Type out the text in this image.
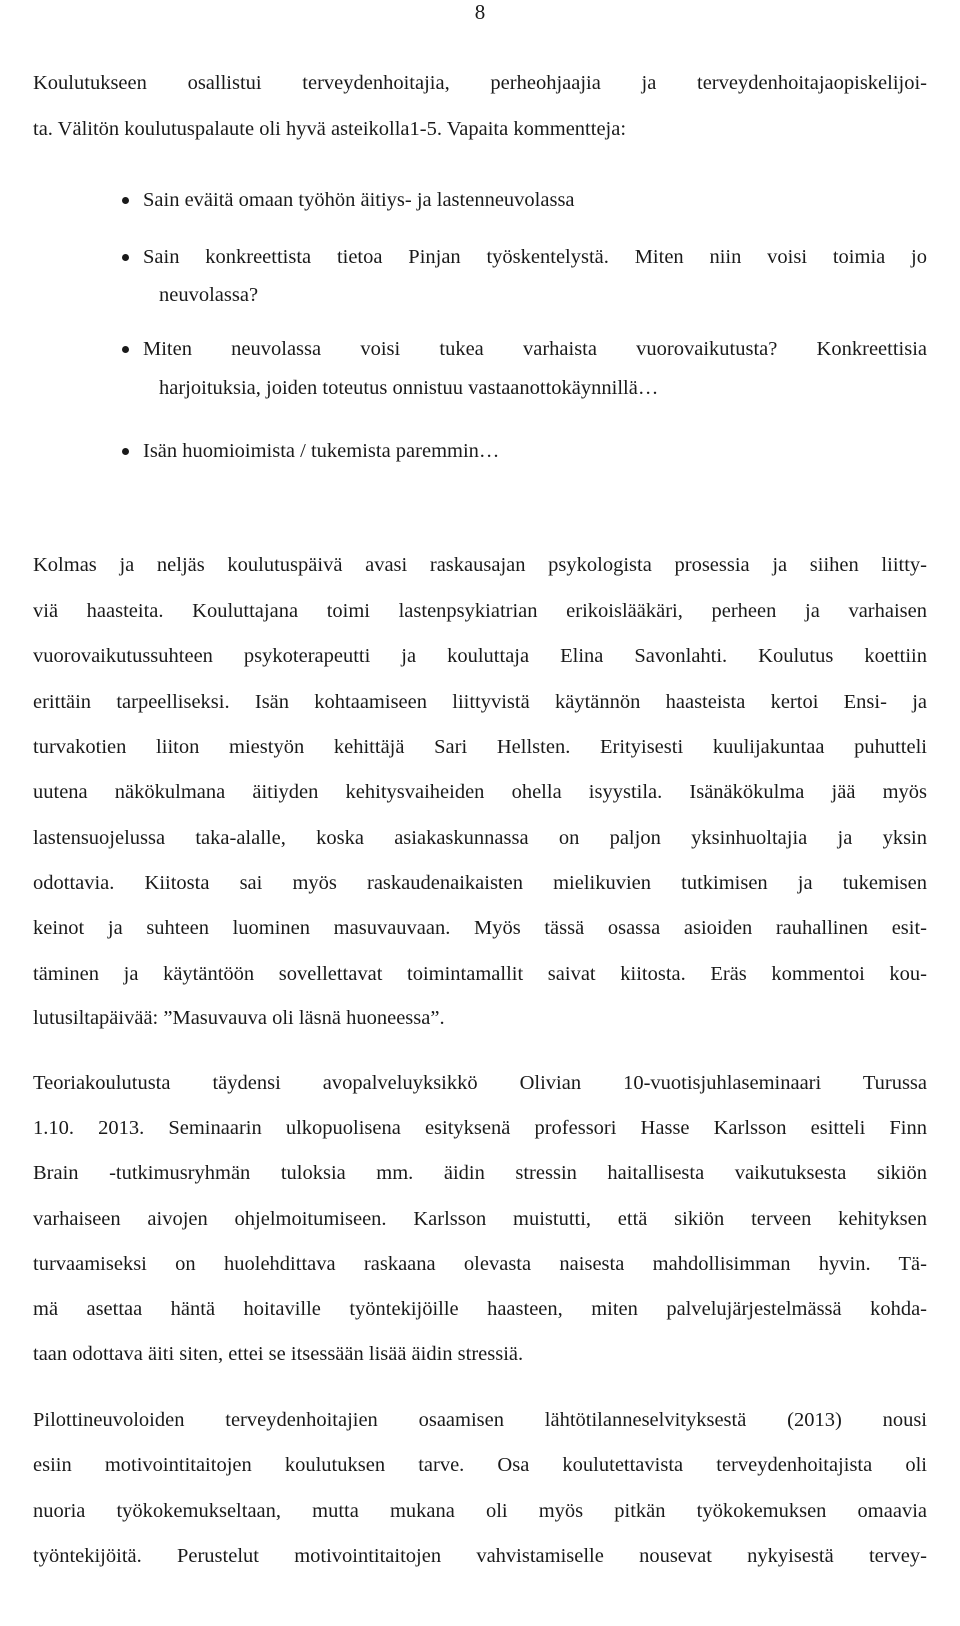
8
Koulutukseen osallistui terveydenhoitajia, perheohjaajia ja terveydenhoitajaopiskelijoi-
ta. Välitön koulutuspalaute oli hyvä asteikolla1-5. Vapaita kommentteja:
Sain eväitä omaan työhön äitiys- ja lastenneuvolassa
Sain konkreettista tietoa Pinjan työskentelystä. Miten niin voisi toimia jo
neuvolassa?
Miten neuvolassa voisi tukea varhaista vuorovaikutusta? Konkreettisia
harjoituksia, joiden toteutus onnistuu vastaanottokäynnillä…
Isän huomioimista / tukemista paremmin…
Kolmas ja neljäs koulutuspäivä avasi raskausajan psykologista prosessia ja siihen liitty-
viä haasteita. Kouluttajana toimi lastenpsykiatrian erikoislääkäri, perheen ja varhaisen
vuorovaikutussuhteen psykoterapeutti ja kouluttaja Elina Savonlahti. Koulutus koettiin
erittäin tarpeelliseksi. Isän kohtaamiseen liittyvistä käytännön haasteista kertoi Ensi- ja
turvakotien liiton miestyön kehittäjä Sari Hellsten. Erityisesti kuulijakuntaa puhutteli
uutena näkökulmana äitiyden kehitysvaiheiden ohella isyystila. Isänäkökulma jää myös
lastensuojelussa taka-alalle, koska asiakaskunnassa on paljon yksinhuoltajia ja yksin
odottavia. Kiitosta sai myös raskaudenaikaisten mielikuvien tutkimisen ja tukemisen
keinot ja suhteen luominen masuvauvaan. Myös tässä osassa asioiden rauhallinen esit-
täminen ja käytäntöön sovellettavat toimintamallit saivat kiitosta. Eräs kommentoi kou-
lutusiltapäivää: ”Masuvauva oli läsnä huoneessa”.
Teoriakoulutusta täydensi avopalveluyksikkö Olivian 10-vuotisjuhlaseminaari Turussa
1.10. 2013. Seminaarin ulkopuolisena esityksenä professori Hasse Karlsson esitteli Finn
Brain -tutkimusryhmän tuloksia mm. äidin stressin haitallisesta vaikutuksesta sikiön
varhaiseen aivojen ohjelmoitumiseen. Karlsson muistutti, että sikiön terveen kehityksen
turvaamiseksi on huolehdittava raskaana olevasta naisesta mahdollisimman hyvin. Tä-
mä asettaa häntä hoitaville työntekijöille haasteen, miten palvelujärjestelmässä kohda-
taan odottava äiti siten, ettei se itsessään lisää äidin stressiä.
Pilottineuvoloiden terveydenhoitajien osaamisen lähtötilanneselvityksestä (2013) nousi
esiin motivointitaitojen koulutuksen tarve. Osa koulutettavista terveydenhoitajista oli
nuoria työkokemukseltaan, mutta mukana oli myös pitkän työkokemuksen omaavia
työntekijöitä. Perustelut motivointitaitojen vahvistamiselle nousevat nykyisestä tervey-
